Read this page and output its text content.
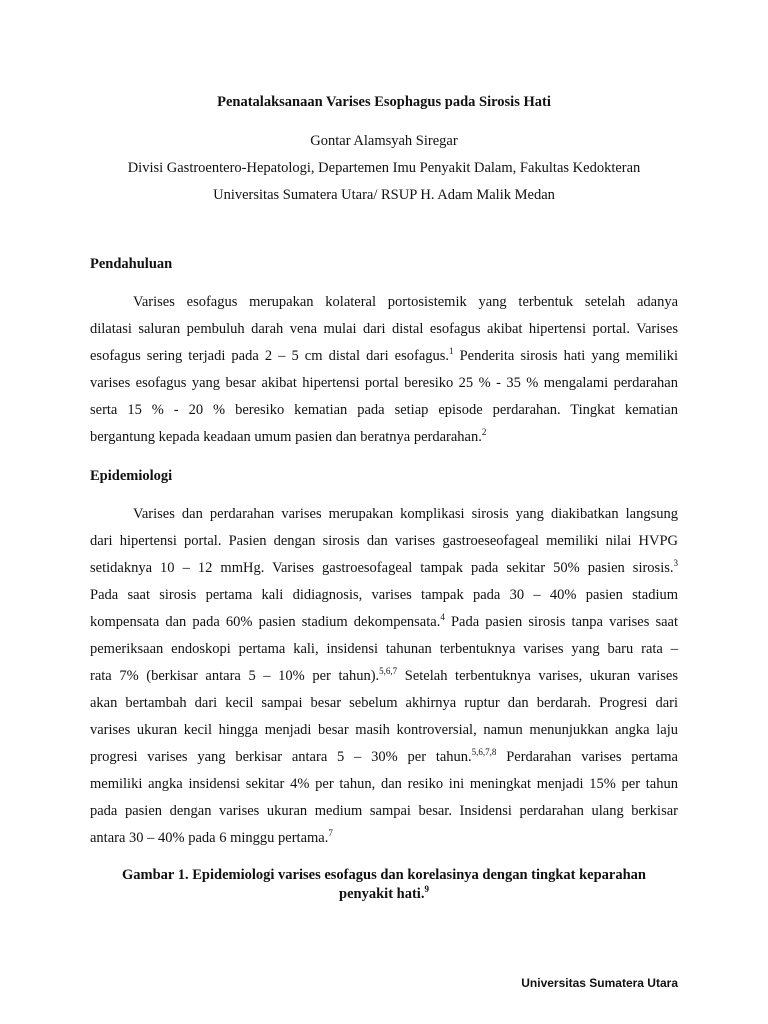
Penatalaksanaan Varises Esophagus pada Sirosis Hati
Gontar Alamsyah Siregar
Divisi Gastroentero-Hepatologi, Departemen Imu Penyakit Dalam, Fakultas Kedokteran
Universitas Sumatera Utara/ RSUP H. Adam Malik Medan
Pendahuluan
Varises esofagus merupakan kolateral portosistemik yang terbentuk setelah adanya
dilatasi saluran pembuluh darah vena mulai dari distal esofagus akibat hipertensi portal. Varises
esofagus sering terjadi pada 2 – 5 cm distal dari esofagus.$^1$ Penderita sirosis hati yang memiliki
varises esofagus yang besar akibat hipertensi portal beresiko 25 % - 35 % mengalami perdarahan
serta 15 % - 20 % beresiko kematian pada setiap episode perdarahan. Tingkat kematian
bergantung kepada keadaan umum pasien dan beratnya perdarahan.$^2$
Epidemiologi
Varises dan perdarahan varises merupakan komplikasi sirosis yang diakibatkan langsung
dari hipertensi portal. Pasien dengan sirosis dan varises gastroeseofageal memiliki nilai HVPG
setidaknya 10 – 12 mmHg. Varises gastroesofageal tampak pada sekitar 50% pasien sirosis.$^3$
Pada saat sirosis pertama kali didiagnosis, varises tampak pada 30 – 40% pasien stadium
kompensata dan pada 60% pasien stadium dekompensata.$^4$ Pada pasien sirosis tanpa varises saat
pemeriksaan endoskopi pertama kali, insidensi tahunan terbentuknya varises yang baru rata –
rata 7% (berkisar antara 5 – 10% per tahun).$^{5,6,7}$ Setelah terbentuknya varises, ukuran varises
akan bertambah dari kecil sampai besar sebelum akhirnya ruptur dan berdarah. Progresi dari
varises ukuran kecil hingga menjadi besar masih kontroversial, namun menunjukkan angka laju
progresi varises yang berkisar antara 5 – 30% per tahun.$^{5,6,7,8}$ Perdarahan varises pertama
memiliki angka insidensi sekitar 4% per tahun, dan resiko ini meningkat menjadi 15% per tahun
pada pasien dengan varises ukuran medium sampai besar. Insidensi perdarahan ulang berkisar
antara 30 – 40% pada 6 minggu pertama.$^7$
Gambar 1. Epidemiologi varises esofagus dan korelasinya dengan tingkat keparahan
penyakit hati.$^9$
Universitas Sumatera Utara
